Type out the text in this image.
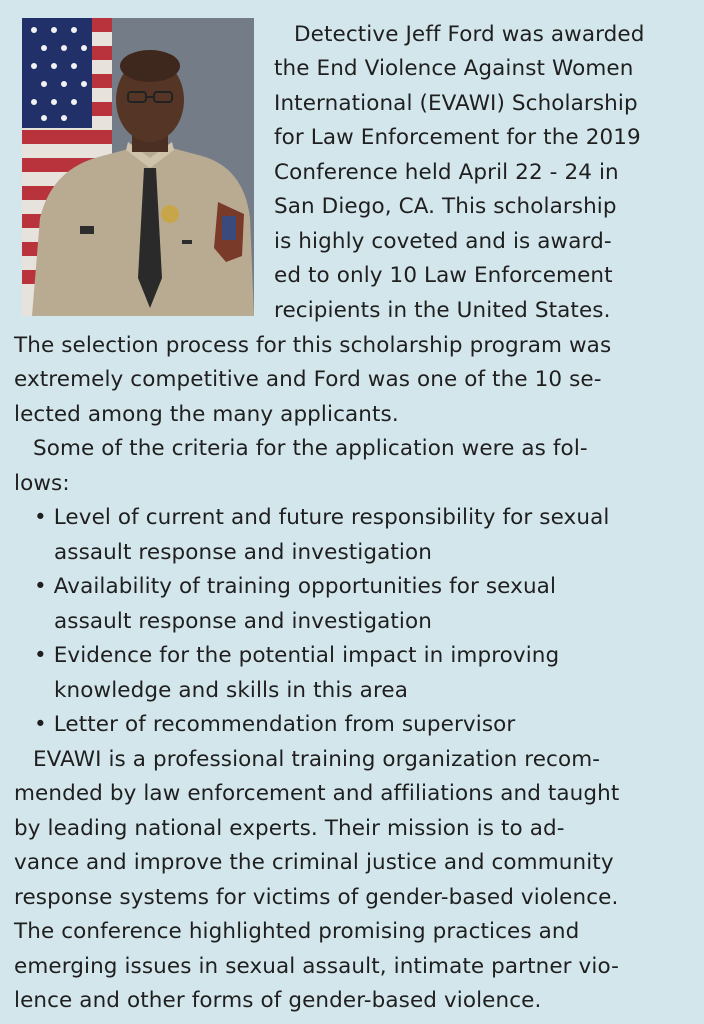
Detective Jeff Ford was awarded
the End Violence Against Women
International (EVAWI) Scholarship
for Law Enforcement for the 2019
Conference held April 22 - 24 in
San Diego, CA. This scholarship
is highly coveted and is award-
ed to only 10 Law Enforcement
recipients in the United States.
The selection process for this scholarship program was
extremely competitive and Ford was one of the 10 se-
lected among the many applicants.
Some of the criteria for the application were as fol-
lows:
• Level of current and future responsibility for sexual
assault response and investigation
• Availability of training opportunities for sexual
assault response and investigation
• Evidence for the potential impact in improving
knowledge and skills in this area
• Letter of recommendation from supervisor
EVAWI is a professional training organization recom-
mended by law enforcement and affiliations and taught
by leading national experts. Their mission is to ad-
vance and improve the criminal justice and community
response systems for victims of gender-based violence.
The conference highlighted promising practices and
emerging issues in sexual assault, intimate partner vio-
lence and other forms of gender-based violence.
